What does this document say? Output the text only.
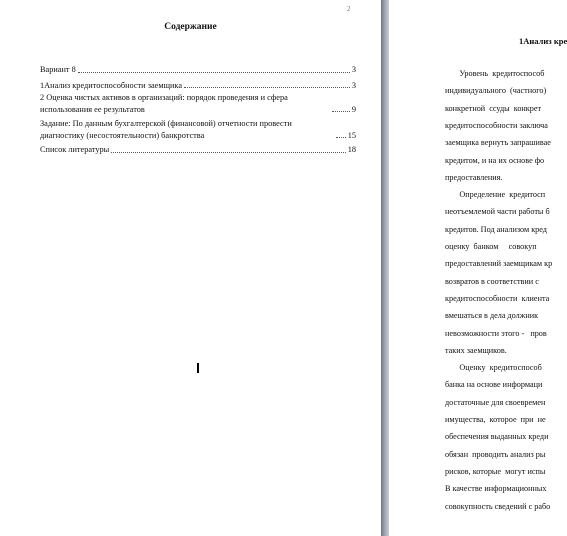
2
Содержание
Вариант 8	3
1Анализ кредитоспособности заемщика	3
2 Оценка чистых активов в организаций: порядок проведения и сфера использования ее результатов	9
Задание: По данным бухгалтерской (финансовой) отчетности провести диагностику (несостоятельности) банкротства	15
Список литературы	18
1Анализ кре
Уровень  кредитоспособ
индивидуального  (частного)
конкретной  ссуды  конкрет
кредитоспособности заключа
заемщика вернуть запрашивае
кредитом, и на их основе фо
предоставления.
Определение  кредитосп
неотъемлемой части работы б
кредитов. Под анализом кред
оценку  банком     совокуп
предоставлений заемщикам кр
возвратов в соответствии с
кредитоспособности  клиента
вмешаться в дела должник
невозможности этого -   пров
таких заемщиков.
Оценку  кредитоспособ
банка на основе информаци
достаточные для своевремен
имущества,  которое  при  не
обеспечения выданных креди
обязан  проводить анализ ры
рисков, которые  могут испы
В качестве информационных
совокупность сведений с рабо
